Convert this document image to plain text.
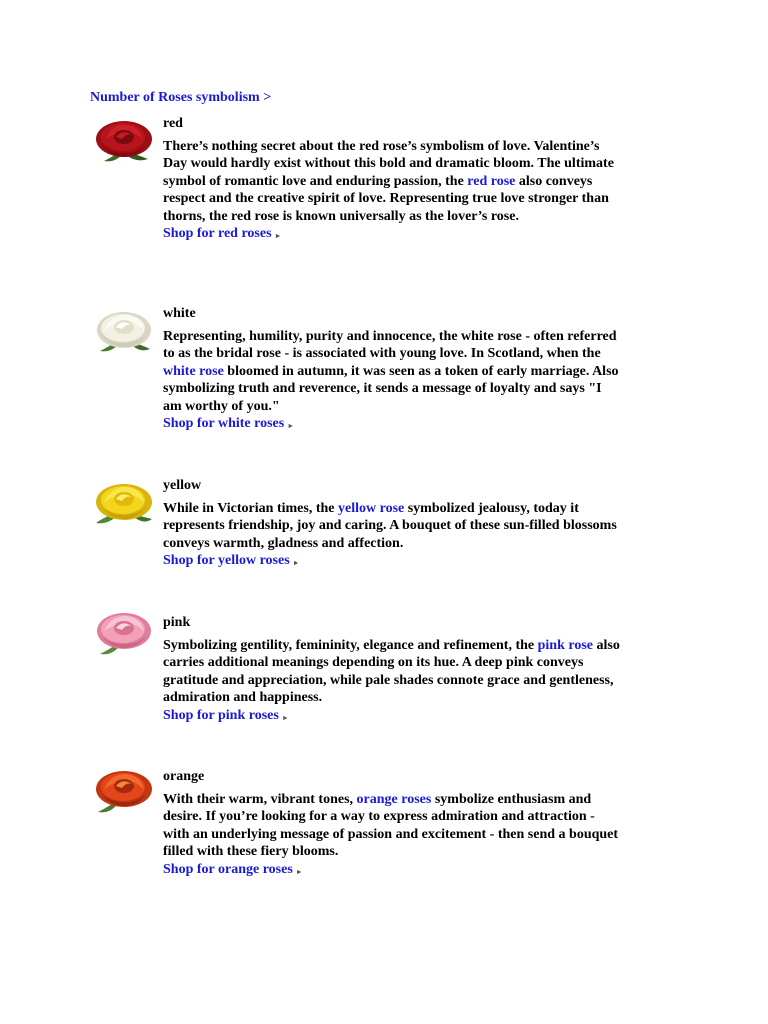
Number of Roses symbolism >
red
There’s nothing secret about the red rose’s symbolism of love. Valentine’s Day would hardly exist without this bold and dramatic bloom. The ultimate symbol of romantic love and enduring passion, the red rose also conveys respect and the creative spirit of love. Representing true love stronger than thorns, the red rose is known universally as the lover’s rose.
Shop for red roses ►
white
Representing, humility, purity and innocence, the white rose - often referred to as the bridal rose - is associated with young love. In Scotland, when the white rose bloomed in autumn, it was seen as a token of early marriage. Also symbolizing truth and reverence, it sends a message of loyalty and says "I am worthy of you."
Shop for white roses ►
yellow
While in Victorian times, the yellow rose symbolized jealousy, today it represents friendship, joy and caring. A bouquet of these sun-filled blossoms conveys warmth, gladness and affection.
Shop for yellow roses ►
pink
Symbolizing gentility, femininity, elegance and refinement, the pink rose also carries additional meanings depending on its hue. A deep pink conveys gratitude and appreciation, while pale shades connote grace and gentleness, admiration and happiness.
Shop for pink roses ►
orange
With their warm, vibrant tones, orange roses symbolize enthusiasm and desire. If you’re looking for a way to express admiration and attraction - with an underlying message of passion and excitement - then send a bouquet filled with these fiery blooms.
Shop for orange roses ►
